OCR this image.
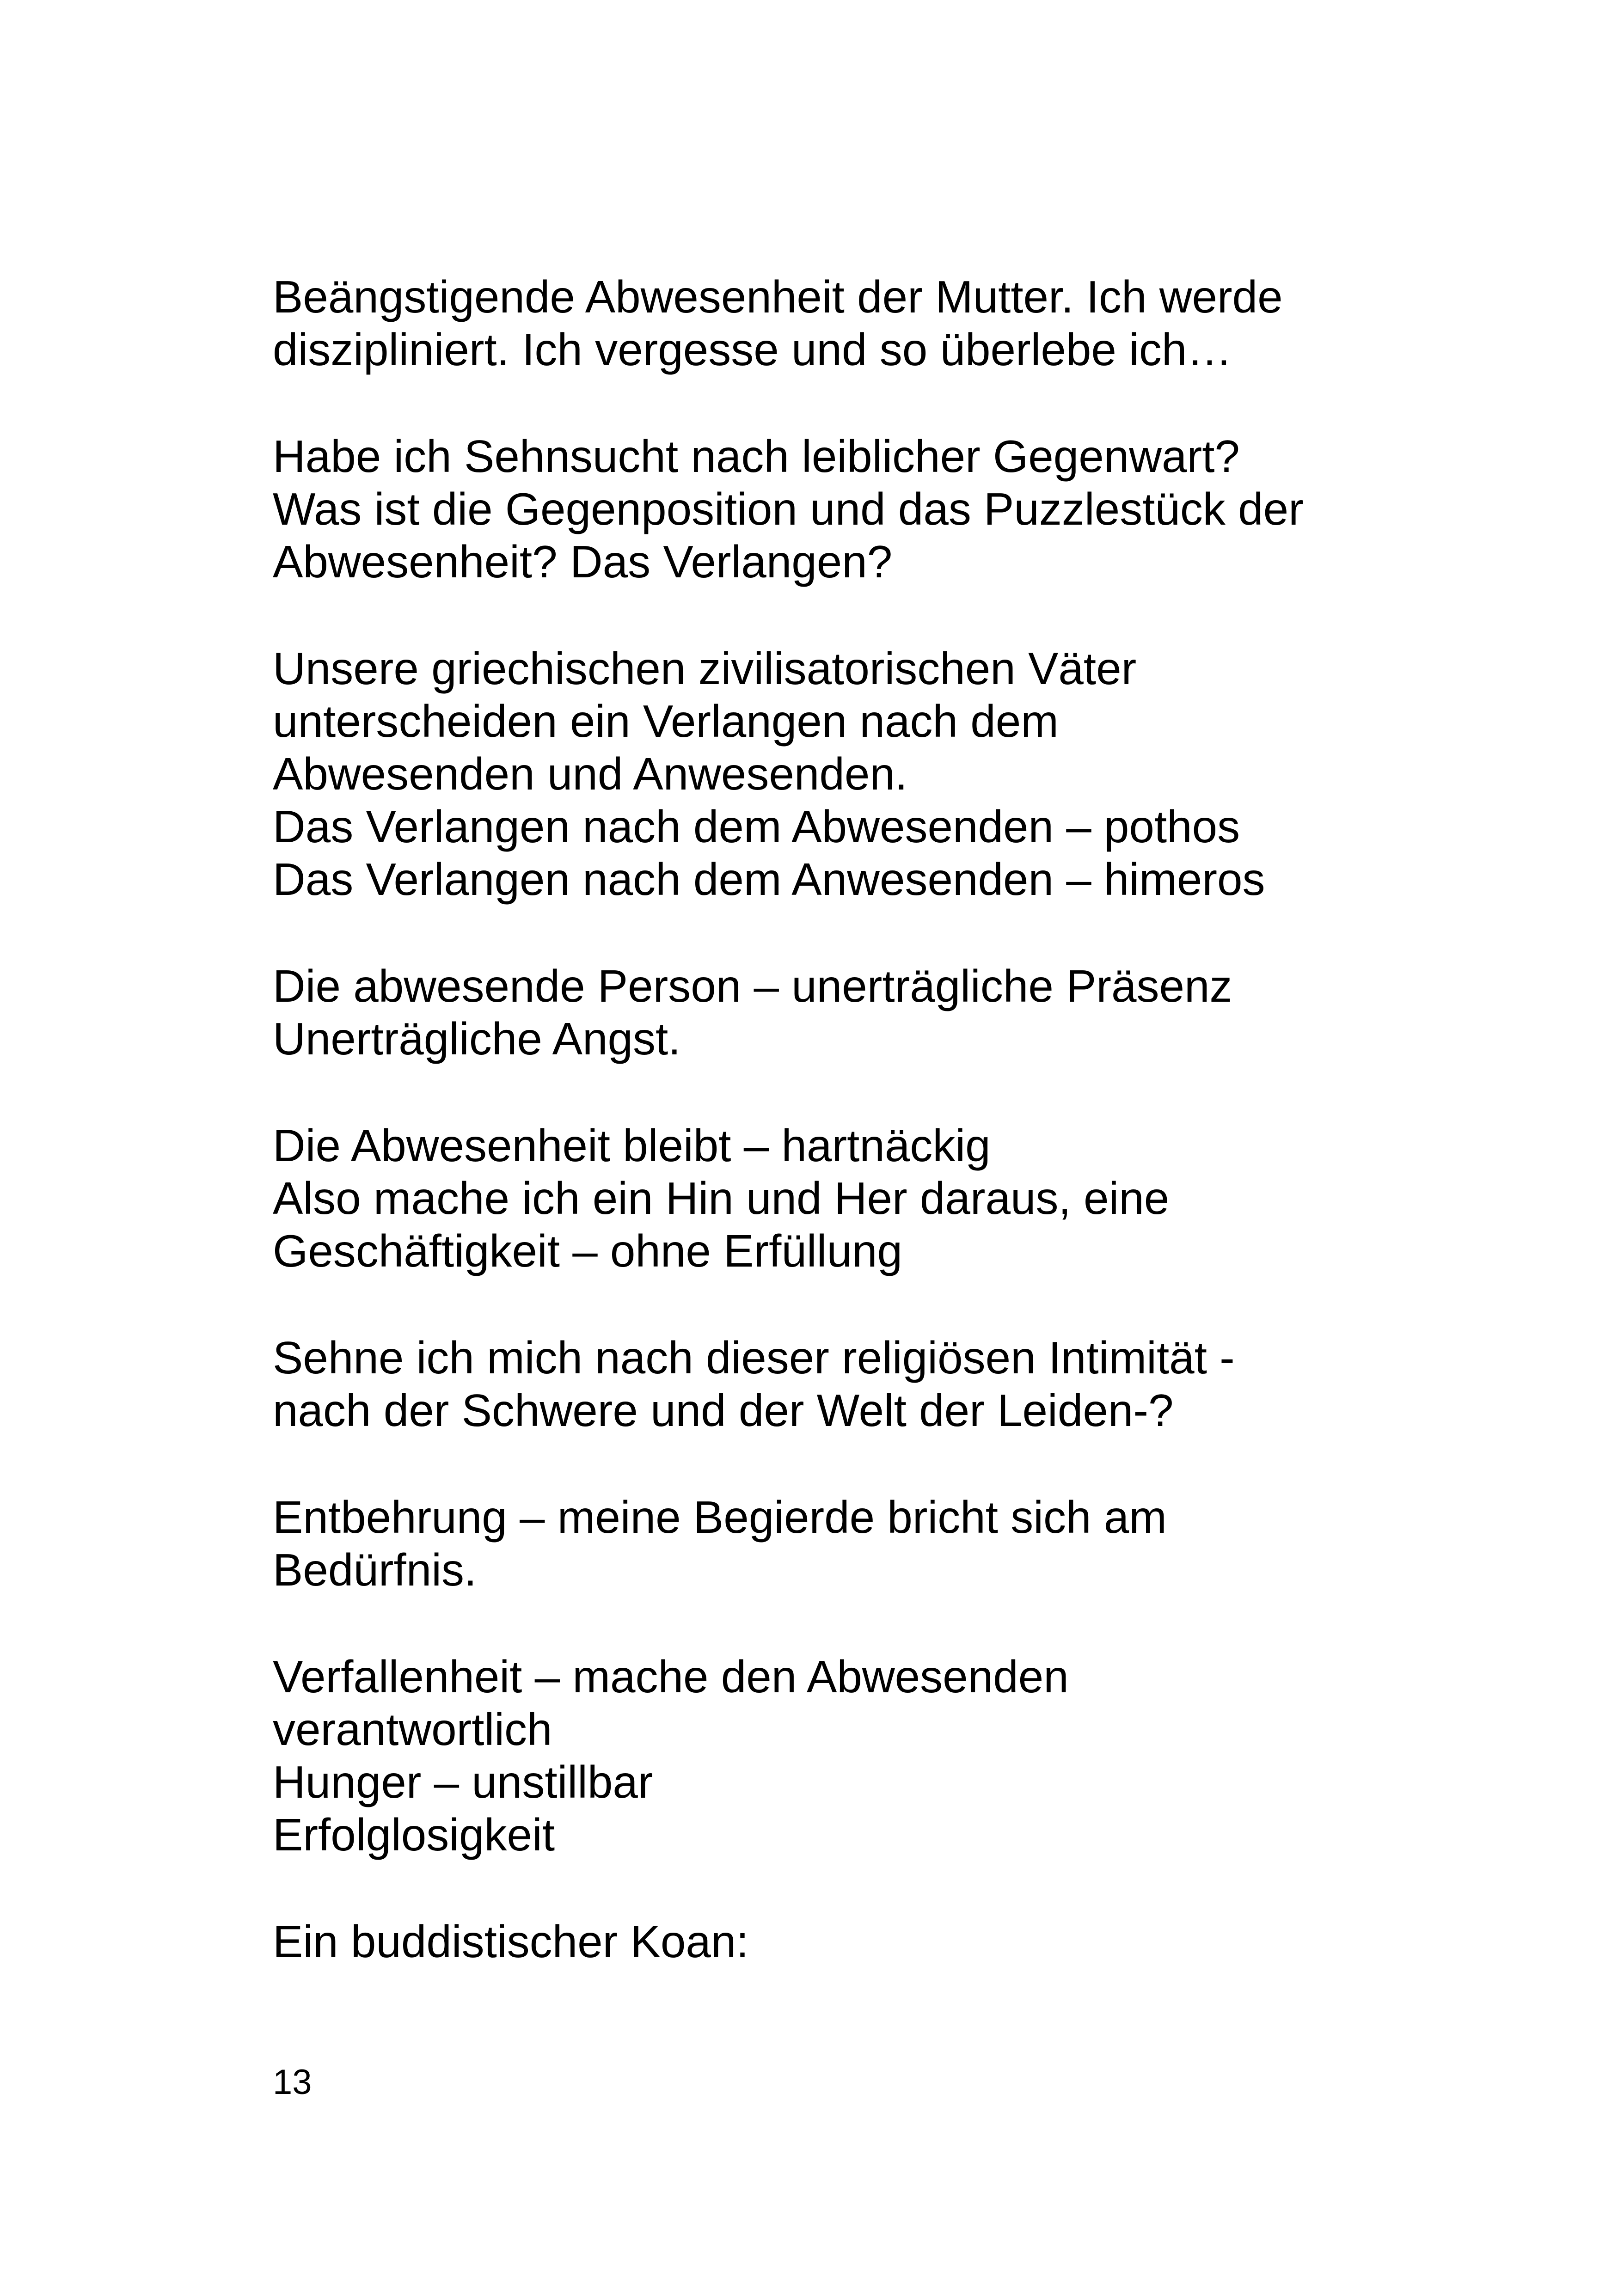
Beängstigende Abwesenheit der Mutter. Ich werde
diszipliniert. Ich vergesse und so überlebe ich…

Habe ich Sehnsucht nach leiblicher Gegenwart?
Was ist die Gegenposition und das Puzzlestück der
Abwesenheit? Das Verlangen?

Unsere griechischen zivilisatorischen Väter
unterscheiden ein Verlangen nach dem
Abwesenden und Anwesenden.
Das Verlangen nach dem Abwesenden – pothos
Das Verlangen nach dem Anwesenden – himeros

Die abwesende Person – unerträgliche Präsenz
Unerträgliche Angst.

Die Abwesenheit bleibt – hartnäckig
Also mache ich ein Hin und Her daraus, eine
Geschäftigkeit – ohne Erfüllung

Sehne ich mich nach dieser religiösen Intimität -
nach der Schwere und der Welt der Leiden-?

Entbehrung – meine Begierde bricht sich am
Bedürfnis.

Verfallenheit – mache den Abwesenden
verantwortlich
Hunger – unstillbar
Erfolglosigkeit

Ein buddistischer Koan:

13
